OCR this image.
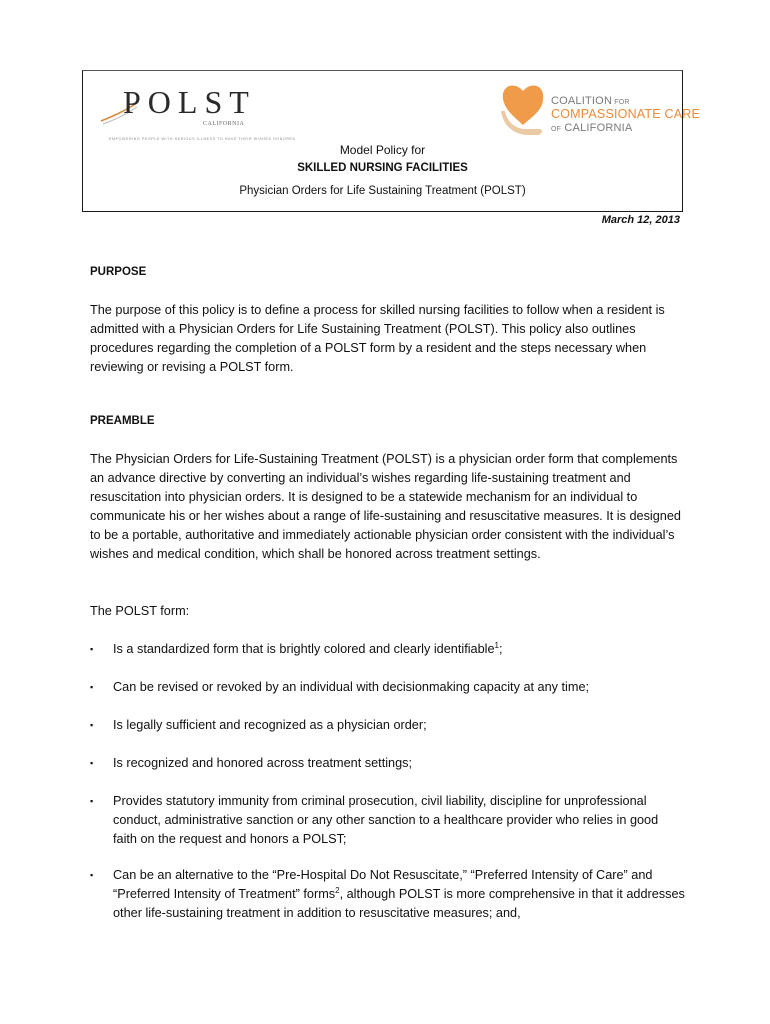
POLST
CALIFORNIA
EMPOWERING PEOPLE WITH SERIOUS ILLNESS TO HAVE THEIR WISHES HONORED
COALITION FOR
COMPASSIONATE CARE
OF CALIFORNIA
Model Policy for
SKILLED NURSING FACILITIES
Physician Orders for Life Sustaining Treatment (POLST)
March 12, 2013
PURPOSE
The purpose of this policy is to define a process for skilled nursing facilities to follow when a resident is admitted with a Physician Orders for Life Sustaining Treatment (POLST). This policy also outlines procedures regarding the completion of a POLST form by a resident and the steps necessary when reviewing or revising a POLST form.
PREAMBLE
The Physician Orders for Life-Sustaining Treatment (POLST) is a physician order form that complements an advance directive by converting an individual’s wishes regarding life-sustaining treatment and resuscitation into physician orders. It is designed to be a statewide mechanism for an individual to communicate his or her wishes about a range of life-sustaining and resuscitative measures. It is designed to be a portable, authoritative and immediately actionable physician order consistent with the individual’s wishes and medical condition, which shall be honored across treatment settings.
The POLST form:
▪ Is a standardized form that is brightly colored and clearly identifiable$^1$;
▪ Can be revised or revoked by an individual with decisionmaking capacity at any time;
▪ Is legally sufficient and recognized as a physician order;
▪ Is recognized and honored across treatment settings;
▪ Provides statutory immunity from criminal prosecution, civil liability, discipline for unprofessional conduct, administrative sanction or any other sanction to a healthcare provider who relies in good faith on the request and honors a POLST;
▪ Can be an alternative to the “Pre-Hospital Do Not Resuscitate,” “Preferred Intensity of Care” and “Preferred Intensity of Treatment” forms$^2$, although POLST is more comprehensive in that it addresses other life-sustaining treatment in addition to resuscitative measures; and,
